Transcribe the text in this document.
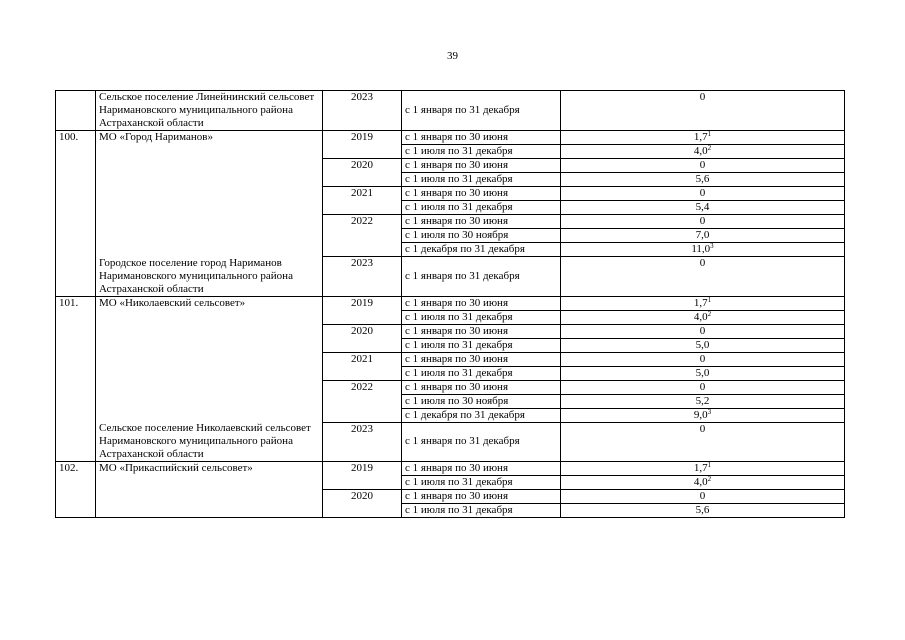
39
	Сельское поселение Линейнинский сельсовет Наримановского муниципального района Астраханской области	2023	с 1 января по 31 декабря	0
100.	МО «Город Нариманов»	2019	с 1 января по 30 июня	$1,7^1$
			с 1 июля по 31 декабря	$4,0^2$
		2020	с 1 января по 30 июня	0
			с 1 июля по 31 декабря	5,6
		2021	с 1 января по 30 июня	0
			с 1 июля по 31 декабря	5,4
		2022	с 1 января по 30 июня	0
			с 1 июля по 30 ноября	7,0
			с 1 декабря по 31 декабря	11,0$^3$
	Городское поселение город Нариманов Наримановского муниципального района Астраханской области	2023	с 1 января по 31 декабря	0
101.	МО «Николаевский сельсовет»	2019	с 1 января по 30 июня	$1,7^1$
			с 1 июля по 31 декабря	$4,0^2$
		2020	с 1 января по 30 июня	0
			с 1 июля по 31 декабря	5,0
		2021	с 1 января по 30 июня	0
			с 1 июля по 31 декабря	5,0
		2022	с 1 января по 30 июня	0
			с 1 июля по 30 ноября	5,2
			с 1 декабря по 31 декабря	$9,0^3$
	Сельское поселение Николаевский сельсовет Наримановского муниципального района Астраханской области	2023	с 1 января по 31 декабря	0
102.	МО «Прикаспийский сельсовет»	2019	с 1 января по 30 июня	$1,7^1$
			с 1 июля по 31 декабря	$4,0^2$
		2020	с 1 января по 30 июня	0
			с 1 июля по 31 декабря	5,6
